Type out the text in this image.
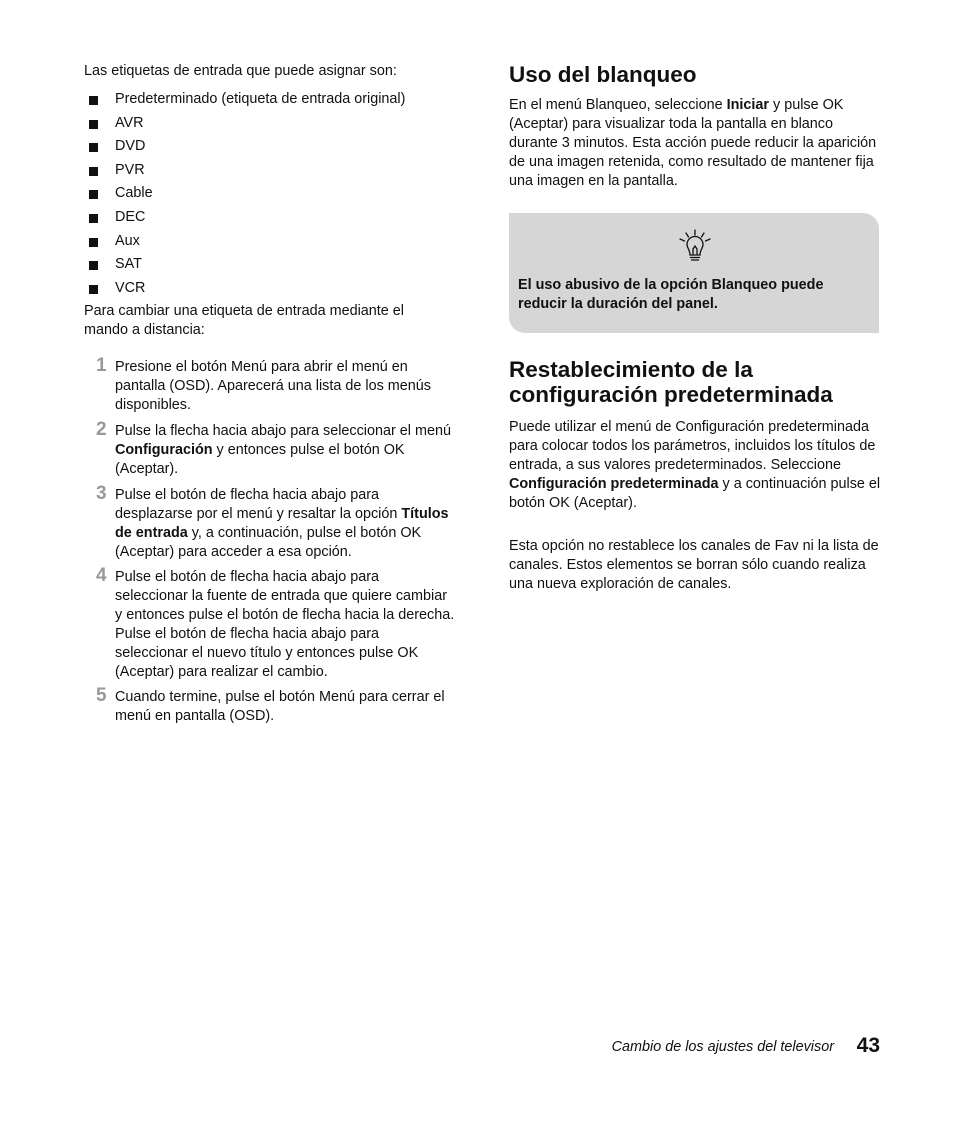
Las etiquetas de entrada que puede asignar son:

Predeterminado (etiqueta de entrada original)
AVR
DVD
PVR
Cable
DEC
Aux
SAT
VCR

Para cambiar una etiqueta de entrada mediante el mando a distancia:

1 Presione el botón Menú para abrir el menú en pantalla (OSD). Aparecerá una lista de los menús disponibles.

2 Pulse la flecha hacia abajo para seleccionar el menú Configuración y entonces pulse el botón OK (Aceptar).

3 Pulse el botón de flecha hacia abajo para desplazarse por el menú y resaltar la opción Títulos de entrada y, a continuación, pulse el botón OK (Aceptar) para acceder a esa opción.

4 Pulse el botón de flecha hacia abajo para seleccionar la fuente de entrada que quiere cambiar y entonces pulse el botón de flecha hacia la derecha. Pulse el botón de flecha hacia abajo para seleccionar el nuevo título y entonces pulse OK (Aceptar) para realizar el cambio.

5 Cuando termine, pulse el botón Menú para cerrar el menú en pantalla (OSD).

Uso del blanqueo

En el menú Blanqueo, seleccione Iniciar y pulse OK (Aceptar) para visualizar toda la pantalla en blanco durante 3 minutos. Esta acción puede reducir la aparición de una imagen retenida, como resultado de mantener fija una imagen en la pantalla.

El uso abusivo de la opción Blanqueo puede reducir la duración del panel.

Restablecimiento de la
configuración predeterminada

Puede utilizar el menú de Configuración predeterminada para colocar todos los parámetros, incluidos los títulos de entrada, a sus valores predeterminados. Seleccione Configuración predeterminada y a continuación pulse el botón OK (Aceptar).

Esta opción no restablece los canales de Fav ni la lista de canales. Estos elementos se borran sólo cuando realiza una nueva exploración de canales.

Cambio de los ajustes del televisor 43
